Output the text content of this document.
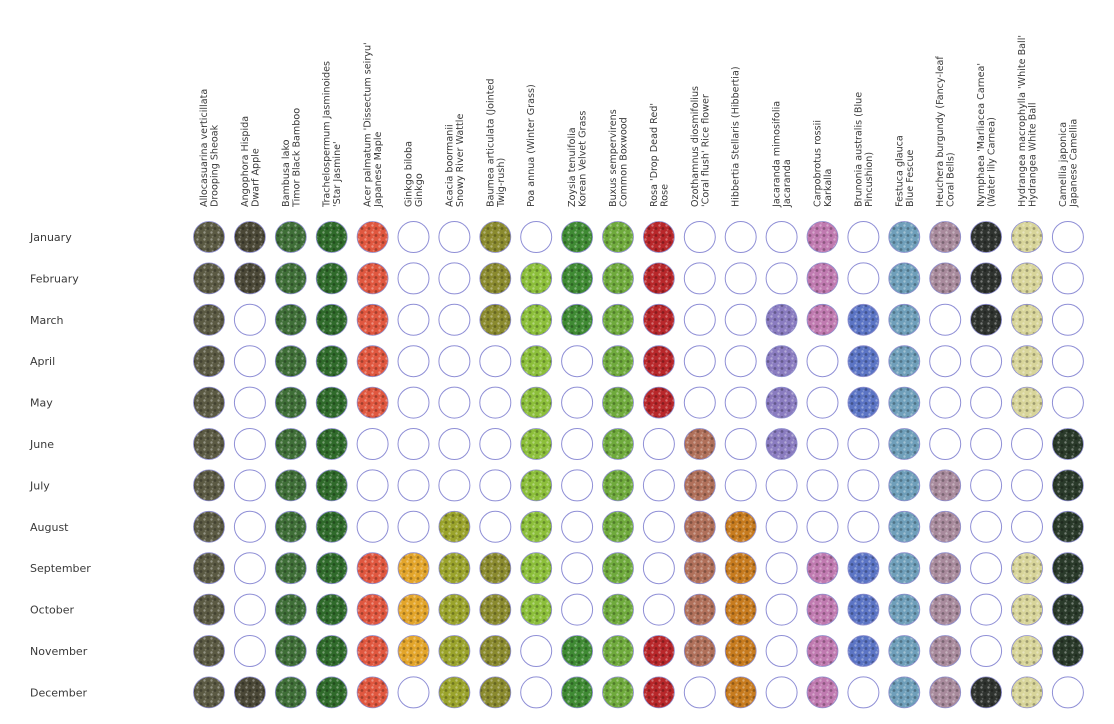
January
February
March
April
May
June
July
August
September
October
November
December
Allocasuarina verticillataDrooping Sheoak Angophora HispidaDwarf Apple Bambusa lakoTimor Black Bamboo Trachelospermum Jasminoides'Star Jasmine' Acer palmatum 'Dissectum seiryu'Japanese Maple Ginkgo bilobaGinkgo Acacia boormaniiSnowy River Wattle Baumea articulata (JointedTwig-rush) Poa annua (Winter Grass)	Zoysia tenuifoliaKorean Velvet Grass Buxus sempervirensCommon Boxwood Rosa 'Drop Dead Red'Rose Ozothamnus diosmifolius'Coral flush' Rice flower Hibbertia Stellaris (Hibbertia)	Jacaranda mimosifoliaJacaranda Carpobrotus rossiiKarkalla Brunonia australis (BluePincushion) Festuca glaucaBlue Fescue Heuchera burgundy (Fancy-leafCoral Bells) Nymphaea 'Marliacea Carnea'(Water lily Carnea) Hydrangea macrophylla 'White Ball'Hydrangea White Ball Camellia japonicaJapanese Camellia
